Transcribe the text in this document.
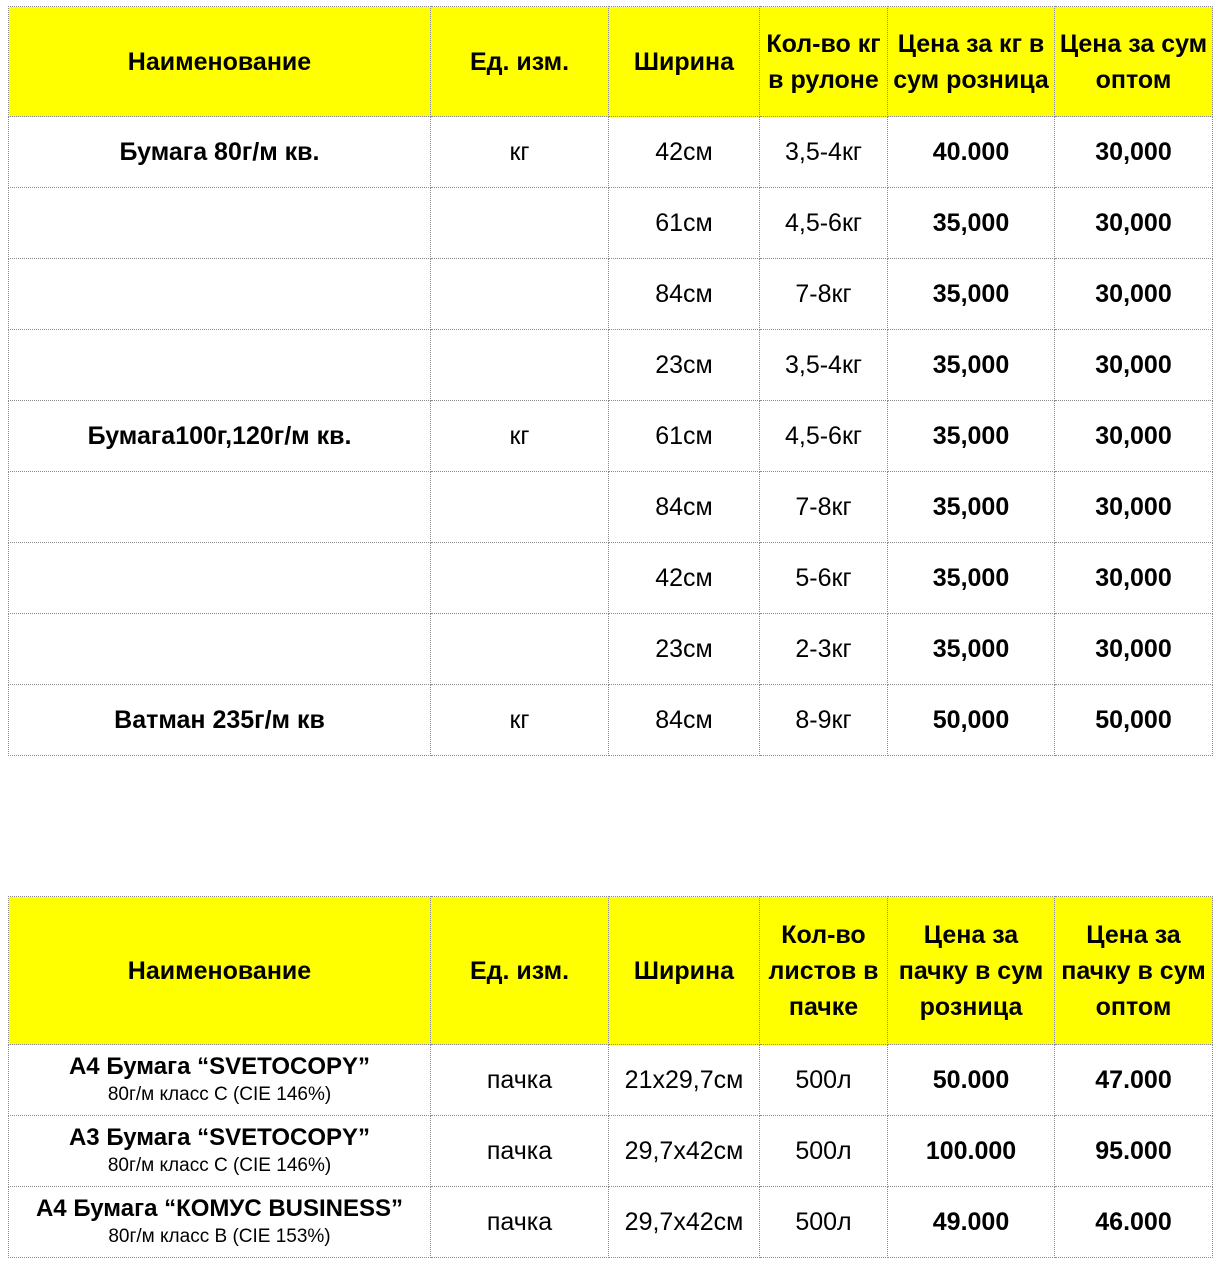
Наименование	Ед. изм.	Ширина	Кол-во кг в рулоне	Цена за кг в сум розница	Цена за сум оптом
Бумага 80г/м кв.	кг	42см	3,5-4кг	40.000	30,000
		61см	4,5-6кг	35,000	30,000
		84см	7-8кг	35,000	30,000
		23см	3,5-4кг	35,000	30,000
Бумага100г,120г/м кв.	кг	61см	4,5-6кг	35,000	30,000
		84см	7-8кг	35,000	30,000
		42см	5-6кг	35,000	30,000
		23см	2-3кг	35,000	30,000
Ватман 235г/м кв	кг	84см	8-9кг	50,000	50,000
Наименование	Ед. изм.	Ширина	Кол-во листов в пачке	Цена за пачку в сум розница	Цена за пачку в сум оптом

А4 Бумага “SVETOCOPY”
80г/м класс С (CIE 146%)	пачка	21х29,7см	500л	50.000	47.000

А3 Бумага “SVETOCOPY”
80г/м класс С (CIE 146%)	пачка	29,7х42см	500л	100.000	95.000

А4 Бумага “КОМУС BUSINESS”
80г/м класс В (CIE 153%)	пачка	29,7х42см	500л	49.000	46.000
